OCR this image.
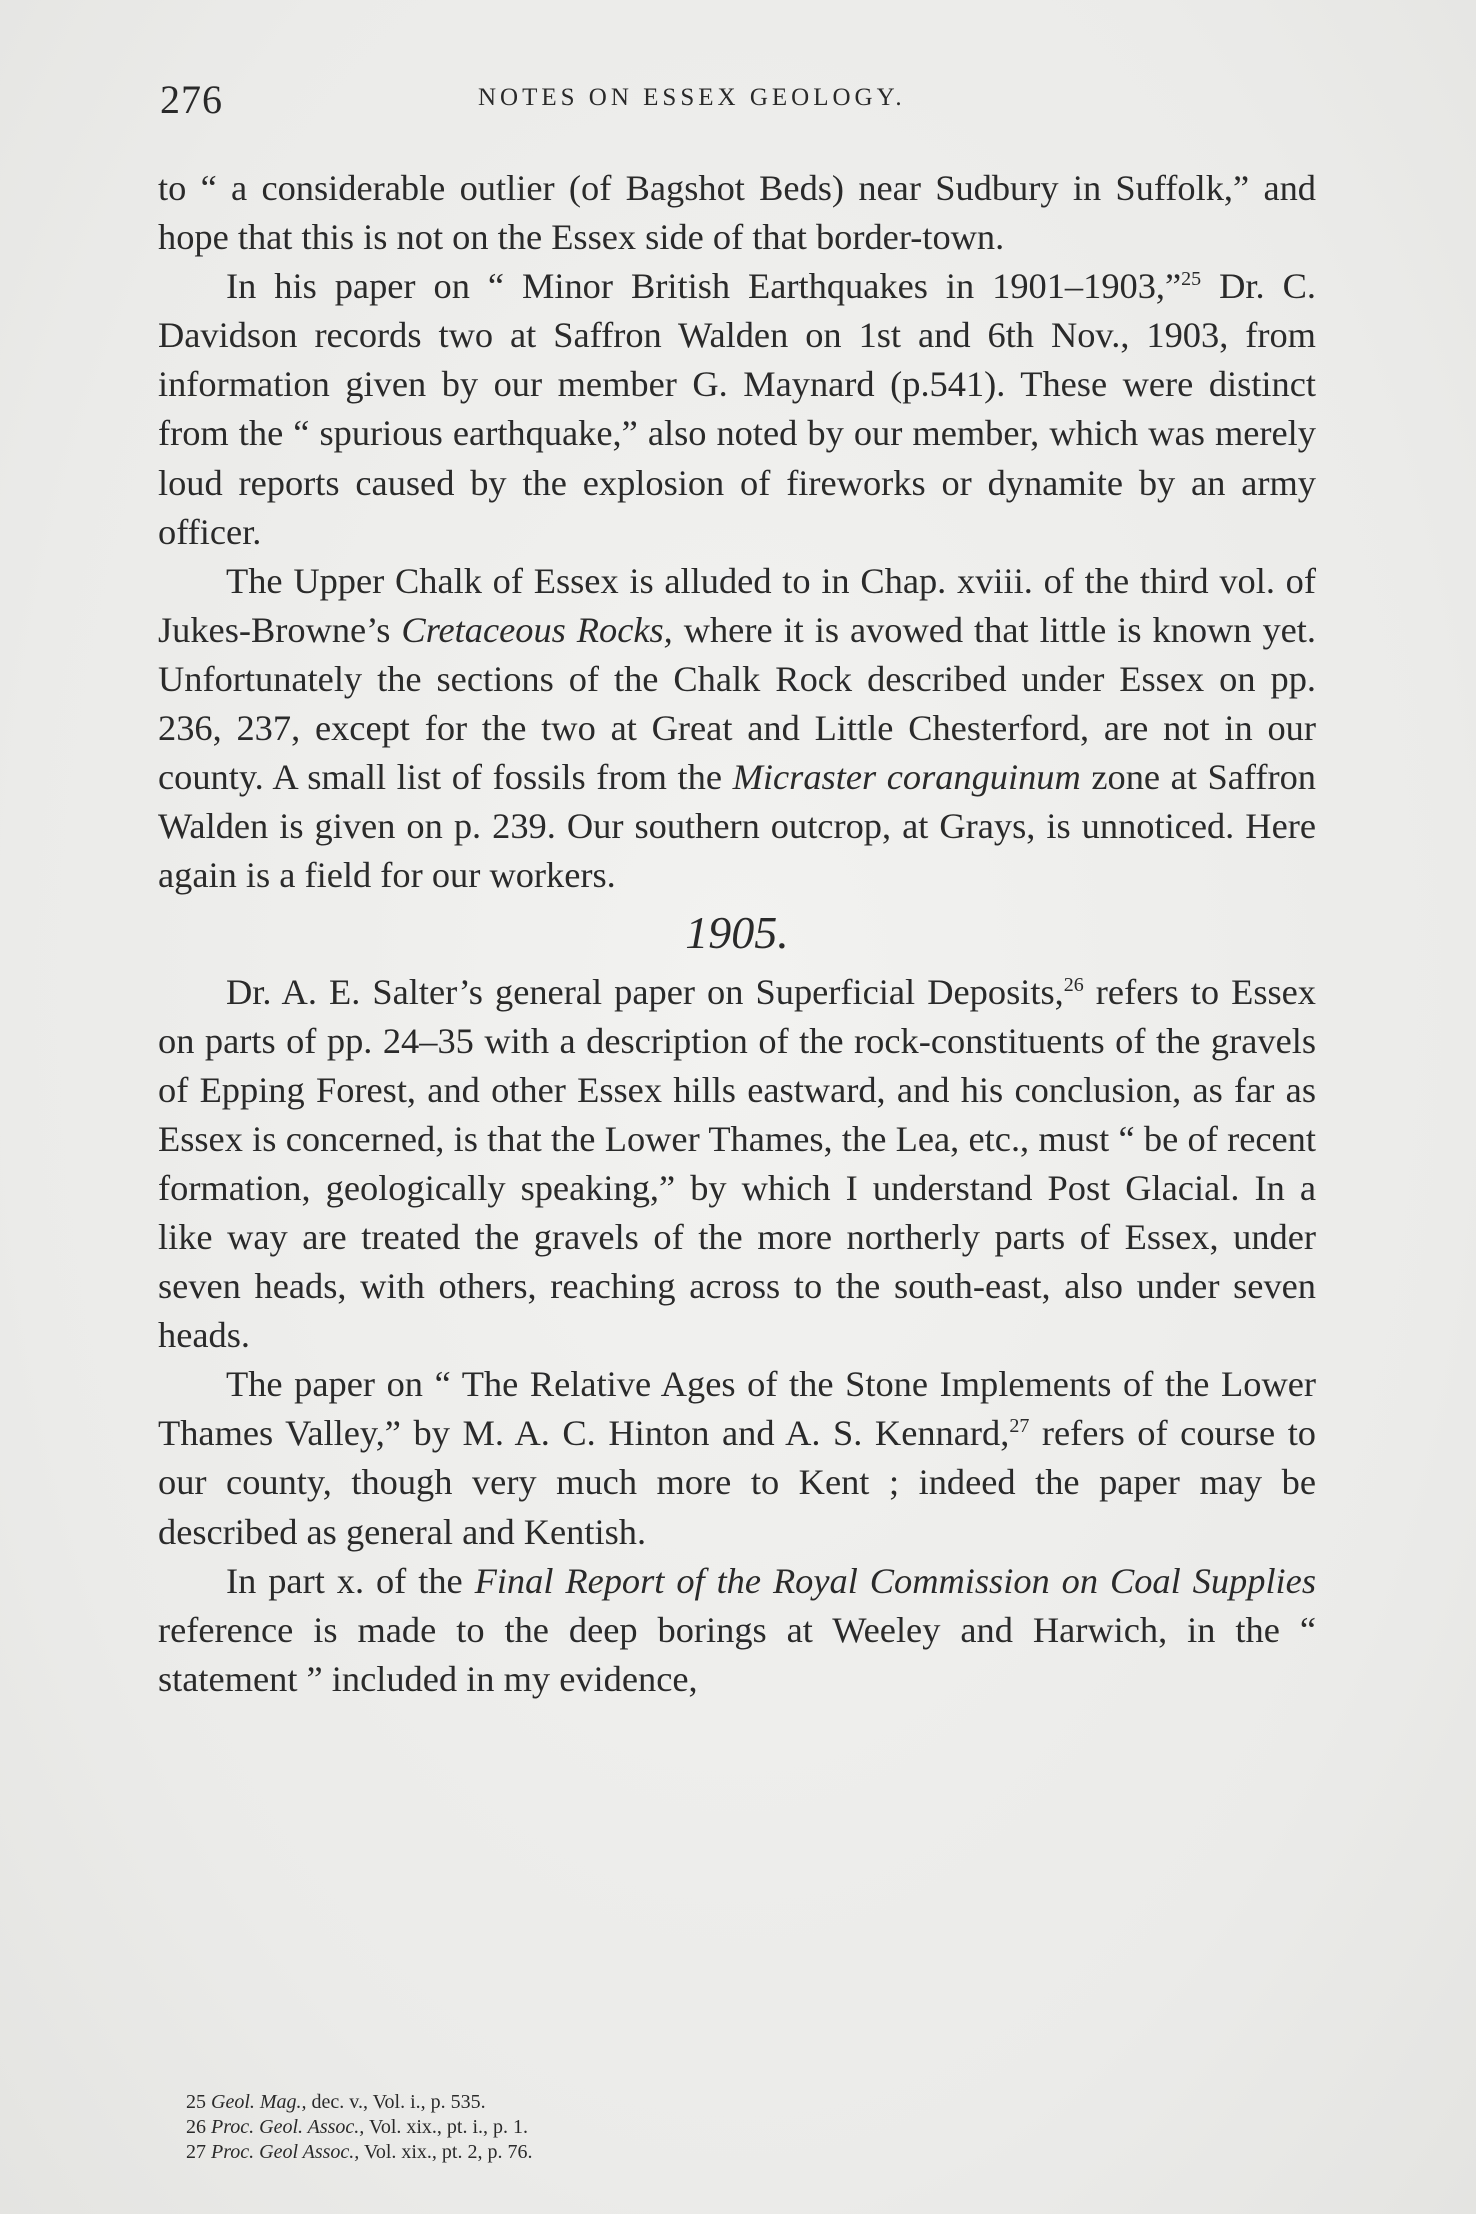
276	NOTES ON ESSEX GEOLOGY.

to “ a considerable outlier (of Bagshot Beds) near Sudbury in Suffolk,” and hope that this is not on the Essex side of that border-town.

In his paper on “ Minor British Earthquakes in 1901–1903,”$^{25}$ Dr. C. Davidson records two at Saffron Walden on 1st and 6th Nov., 1903, from information given by our member G. Maynard (p.541). These were distinct from the “ spurious earthquake,” also noted by our member, which was merely loud reports caused by the explosion of fireworks or dynamite by an army officer.

The Upper Chalk of Essex is alluded to in Chap. xviii. of the third vol. of Jukes-Browne’s Cretaceous Rocks, where it is avowed that little is known yet. Unfortunately the sections of the Chalk Rock described under Essex on pp. 236, 237, except for the two at Great and Little Chesterford, are not in our county. A small list of fossils from the Micraster coranguinum zone at Saffron Walden is given on p. 239. Our southern outcrop, at Grays, is unnoticed. Here again is a field for our workers.

1905.

Dr. A. E. Salter’s general paper on Superficial Deposits,$^{26}$ refers to Essex on parts of pp. 24–35 with a description of the rock-constituents of the gravels of Epping Forest, and other Essex hills eastward, and his conclusion, as far as Essex is concerned, is that the Lower Thames, the Lea, etc., must “ be of recent formation, geologically speaking,” by which I understand Post Glacial. In a like way are treated the gravels of the more northerly parts of Essex, under seven heads, with others, reaching across to the south-east, also under seven heads.

The paper on “ The Relative Ages of the Stone Implements of the Lower Thames Valley,” by M. A. C. Hinton and A. S. Kennard,$^{27}$ refers of course to our county, though very much more to Kent ; indeed the paper may be described as general and Kentish.

In part x. of the Final Report of the Royal Commission on Coal Supplies reference is made to the deep borings at Weeley and Harwich, in the “ statement ” included in my evidence,

25 Geol. Mag., dec. v., Vol. i., p. 535.
26 Proc. Geol. Assoc., Vol. xix., pt. i., p. 1.
27 Proc. Geol Assoc., Vol. xix., pt. 2, p. 76.
